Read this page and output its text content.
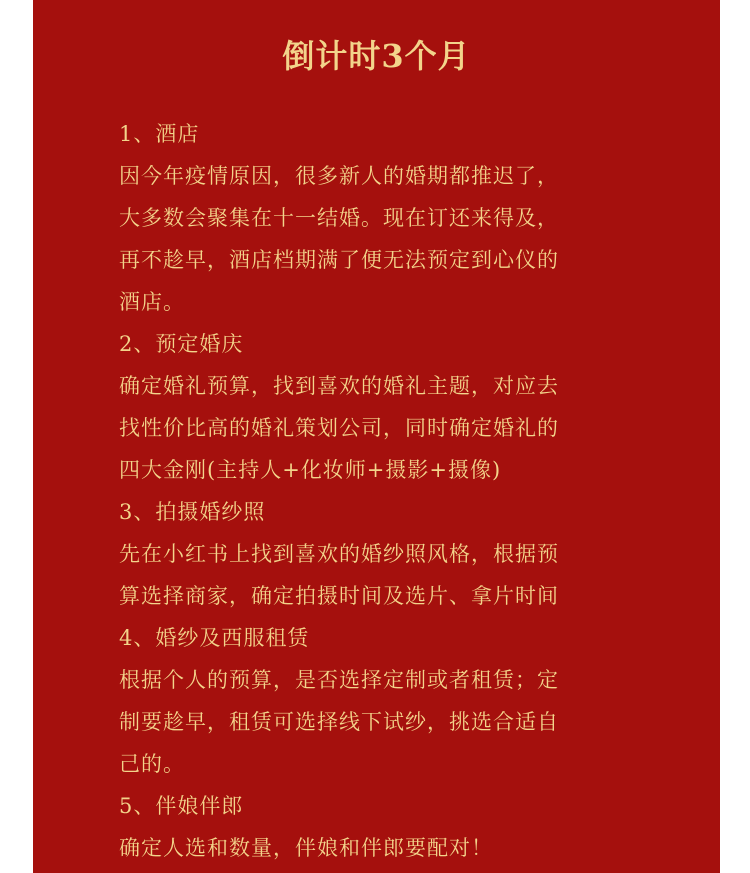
倒计时3个月
1、酒店
因今年疫情原因，很多新人的婚期都推迟了，
大多数会聚集在十一结婚。现在订还来得及，
再不趁早，酒店档期满了便无法预定到心仪的
酒店。
2、预定婚庆
确定婚礼预算，找到喜欢的婚礼主题，对应去
找性价比高的婚礼策划公司，同时确定婚礼的
四大金刚(主持人+化妆师+摄影+摄像)
3、拍摄婚纱照
先在小红书上找到喜欢的婚纱照风格，根据预
算选择商家，确定拍摄时间及选片、拿片时间
4、婚纱及西服租赁
根据个人的预算，是否选择定制或者租赁；定
制要趁早，租赁可选择线下试纱，挑选合适自
己的。
5、伴娘伴郎
确定人选和数量，伴娘和伴郎要配对！
